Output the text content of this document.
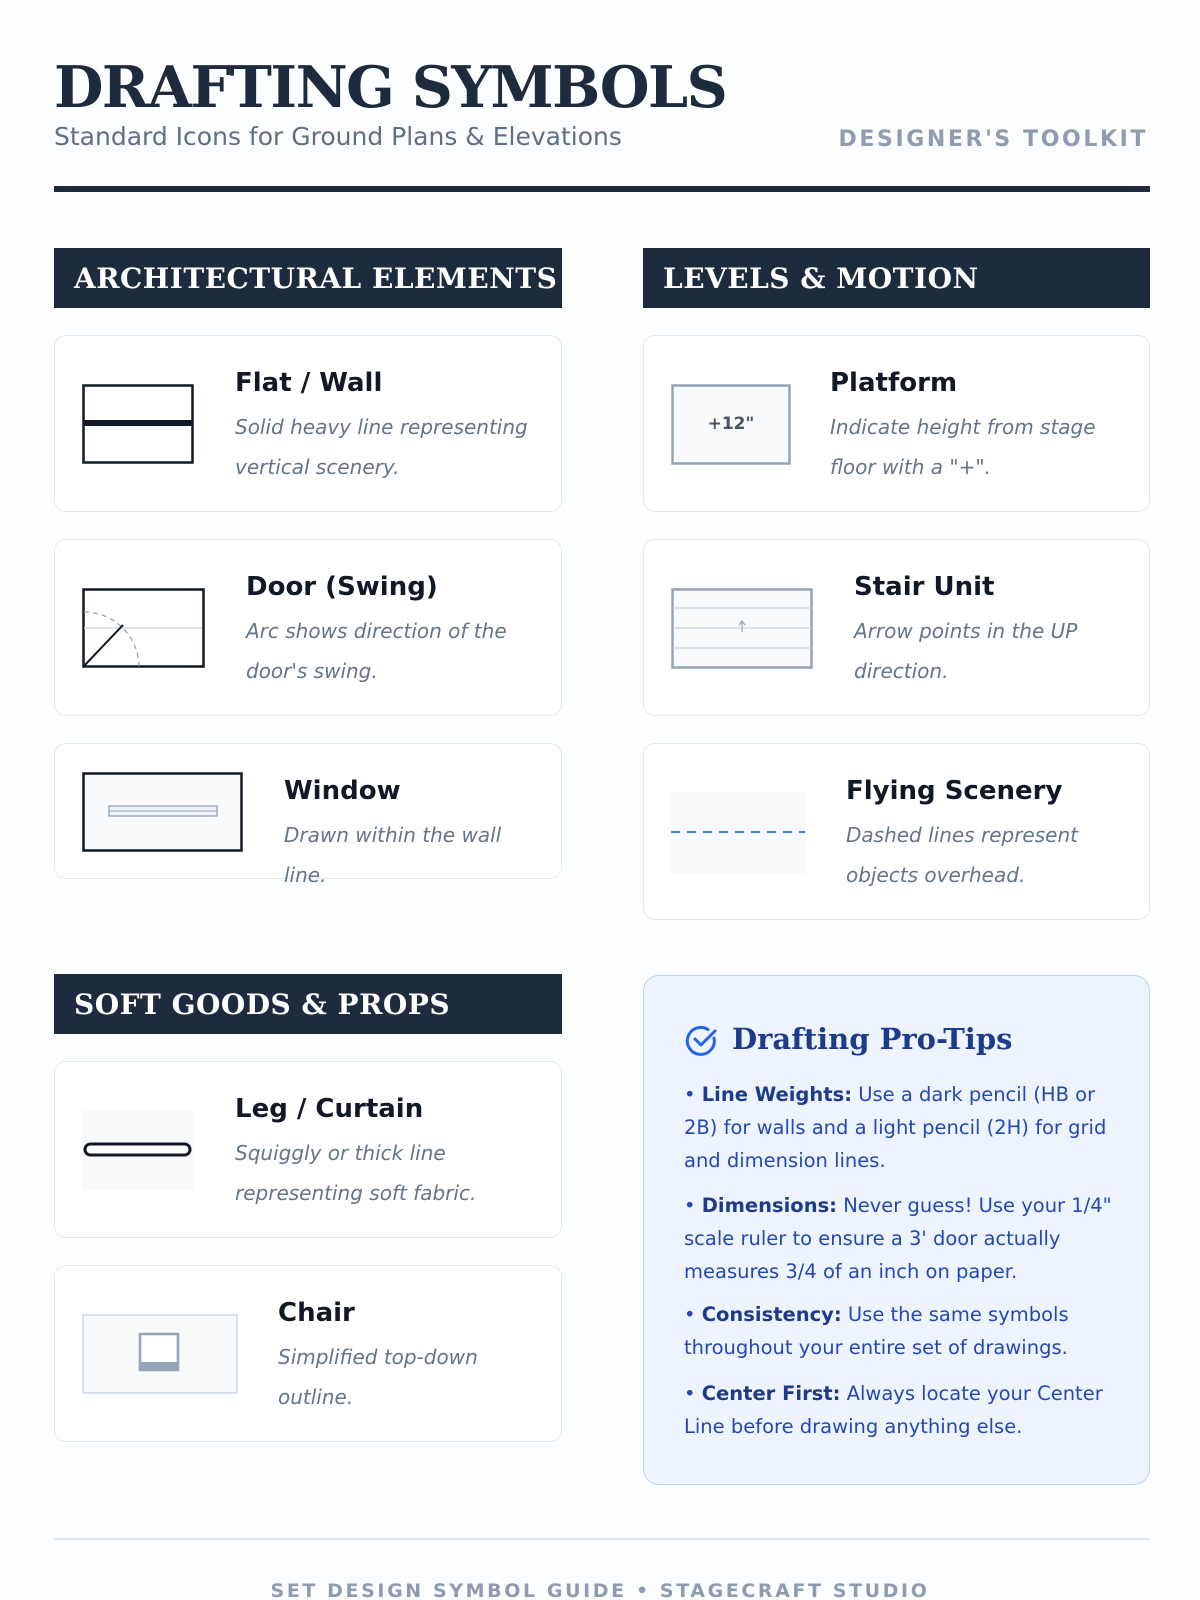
DRAFTING SYMBOLS
Standard Icons for Ground Plans & Elevations	DESIGNER'S TOOLKIT
ARCHITECTURAL ELEMENTS
Flat / Wall
Solid heavy line representing vertical scenery.
Door (Swing)
Arc shows direction of the door's swing.
Window
Drawn within the wall line.
LEVELS & MOTION
+12"
Platform
Indicate height from stage floor with a "+".
Stair Unit
Arrow points in the UP direction.
Flying Scenery
Dashed lines represent objects overhead.
SOFT GOODS & PROPS
Leg / Curtain
Squiggly or thick line representing soft fabric.
Chair
Simplified top-down outline.
Drafting Pro-Tips
• Line Weights: Use a dark pencil (HB or 2B) for walls and a light pencil (2H) for grid and dimension lines.
• Dimensions: Never guess! Use your 1/4" scale ruler to ensure a 3' door actually measures 3/4 of an inch on paper.
• Consistency: Use the same symbols throughout your entire set of drawings.
• Center First: Always locate your Center Line before drawing anything else.
SET DESIGN SYMBOL GUIDE • STAGECRAFT STUDIO
